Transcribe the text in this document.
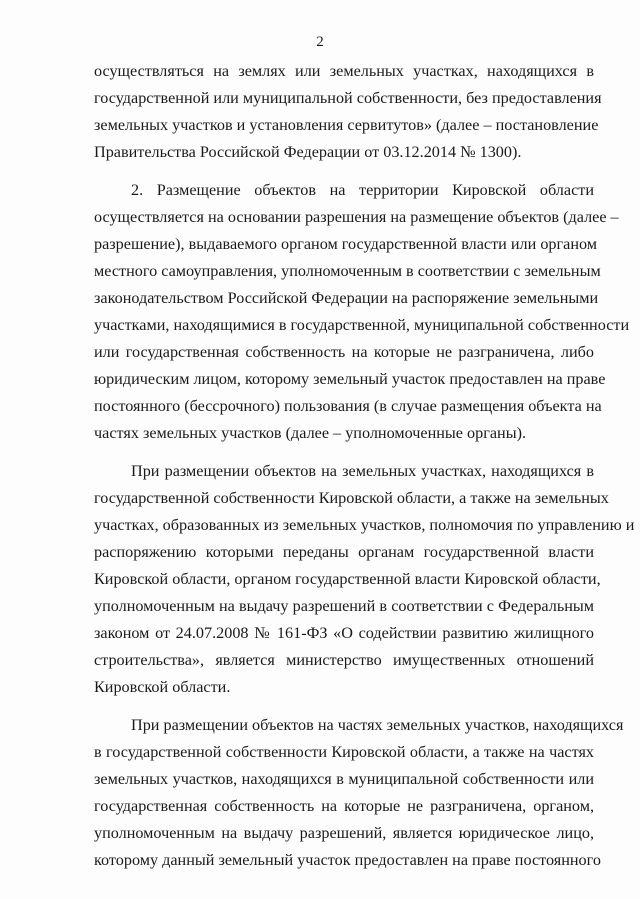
2
осуществляться на землях или земельных участках, находящихся в
государственной или муниципальной собственности, без предоставления
земельных участков и установления сервитутов» (далее – постановление
Правительства Российской Федерации от 03.12.2014 № 1300).
2. Размещение объектов на территории Кировской области
осуществляется на основании разрешения на размещение объектов (далее –
разрешение), выдаваемого органом государственной власти или органом
местного самоуправления, уполномоченным в соответствии с земельным
законодательством Российской Федерации на распоряжение земельными
участками, находящимися в государственной, муниципальной собственности
или государственная собственность на которые не разграничена, либо
юридическим лицом, которому земельный участок предоставлен на праве
постоянного (бессрочного) пользования (в случае размещения объекта на
частях земельных участков (далее – уполномоченные органы).
При размещении объектов на земельных участках, находящихся в
государственной собственности Кировской области, а также на земельных
участках, образованных из земельных участков, полномочия по управлению и
распоряжению которыми переданы органам государственной власти
Кировской области, органом государственной власти Кировской области,
уполномоченным на выдачу разрешений в соответствии с Федеральным
законом от 24.07.2008 № 161-ФЗ «О содействии развитию жилищного
строительства», является министерство имущественных отношений
Кировской области.
При размещении объектов на частях земельных участков, находящихся
в государственной собственности Кировской области, а также на частях
земельных участков, находящихся в муниципальной собственности или
государственная собственность на которые не разграничена, органом,
уполномоченным на выдачу разрешений, является юридическое лицо,
которому данный земельный участок предоставлен на праве постоянного
